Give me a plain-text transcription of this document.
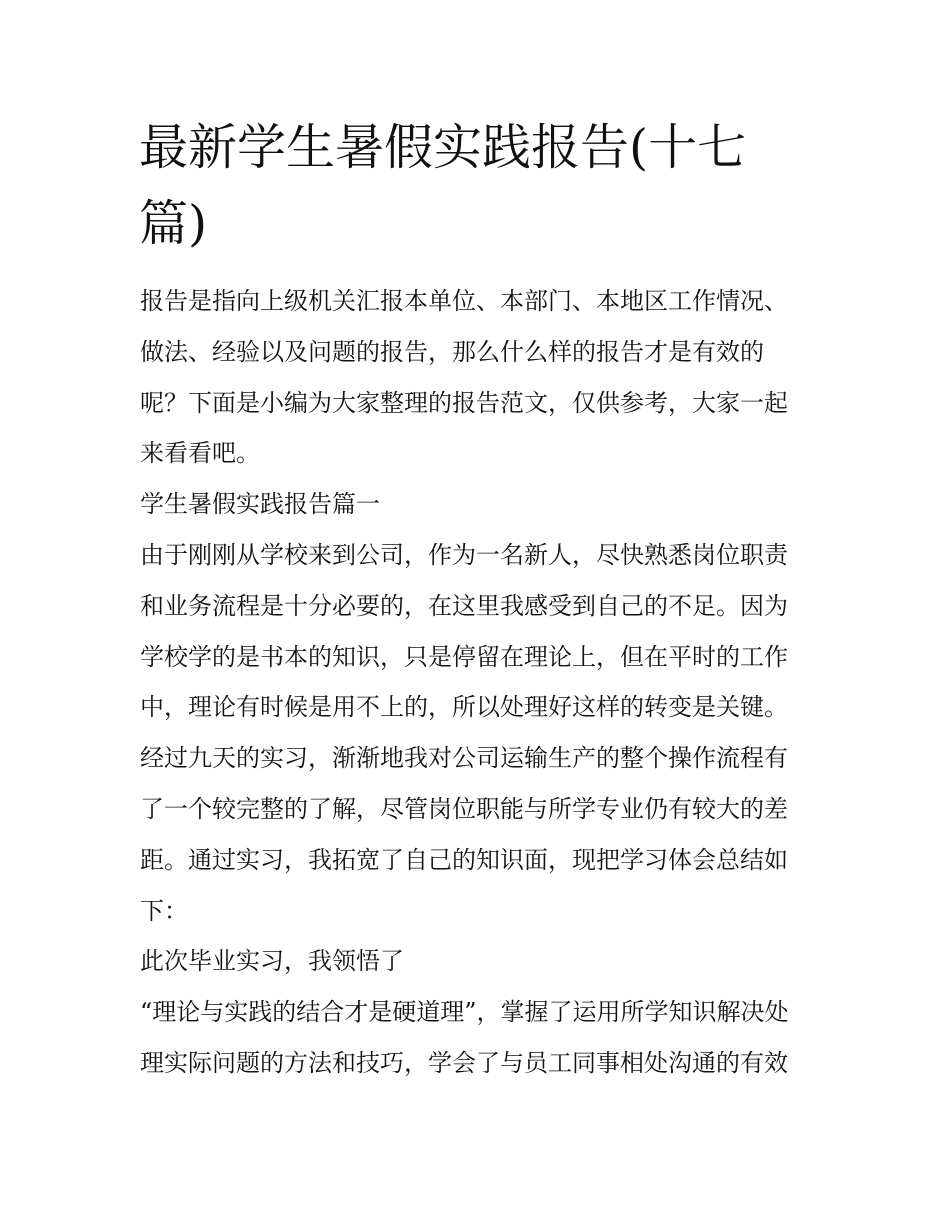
最新学生暑假实践报告(十七
篇)
报告是指向上级机关汇报本单位、本部门、本地区工作情况、
做法、经验以及问题的报告，那么什么样的报告才是有效的
呢？下面是小编为大家整理的报告范文，仅供参考，大家一起
来看看吧。
学生暑假实践报告篇一
由于刚刚从学校来到公司，作为一名新人，尽快熟悉岗位职责
和业务流程是十分必要的，在这里我感受到自己的不足。因为
学校学的是书本的知识，只是停留在理论上，但在平时的工作
中，理论有时候是用不上的，所以处理好这样的转变是关键。
经过九天的实习，渐渐地我对公司运输生产的整个操作流程有
了一个较完整的了解，尽管岗位职能与所学专业仍有较大的差
距。通过实习，我拓宽了自己的知识面，现把学习体会总结如
下：
此次毕业实习，我领悟了
“理论与实践的结合才是硬道理”，掌握了运用所学知识解决处
理实际问题的方法和技巧，学会了与员工同事相处沟通的有效
